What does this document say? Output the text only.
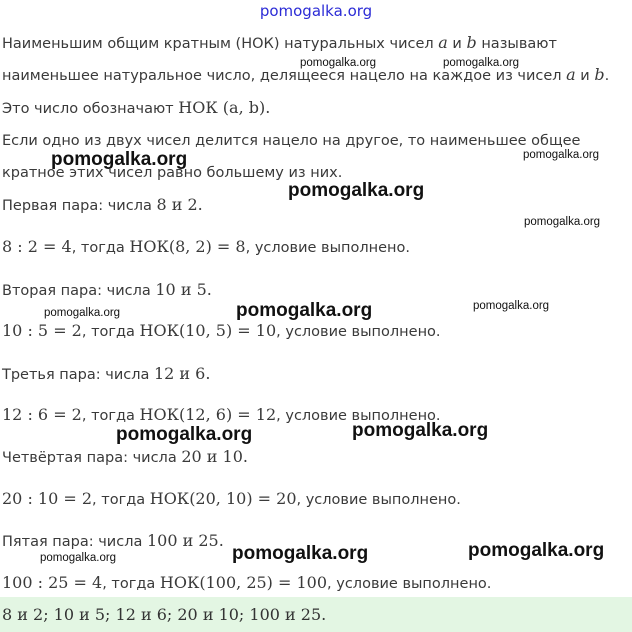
pomogalka.org
Наименьшим общим кратным (НОК) натуральных чисел a и b называют
наименьшее натуральное число, делящееся нацело на каждое из чисел a и b.
Это число обозначают НОК (a, b).
Если одно из двух чисел делится нацело на другое, то наименьшее общее
кратное этих чисел равно большему из них.
Первая пара: числа 8 и 2.
8 : 2 = 4, тогда НОК(8, 2) = 8, условие выполнено.
Вторая пара: числа 10 и 5.
10 : 5 = 2, тогда НОК(10, 5) = 10, условие выполнено.
Третья пара: числа 12 и 6.
12 : 6 = 2, тогда НОК(12, 6) = 12, условие выполнено.
Четвёртая пара: числа 20 и 10.
20 : 10 = 2, тогда НОК(20, 10) = 20, условие выполнено.
Пятая пара: числа 100 и 25.
100 : 25 = 4, тогда НОК(100, 25) = 100, условие выполнено.
8 и 2; 10 и 5; 12 и 6; 20 и 10; 100 и 25.
pomogalka.org	pomogalka.org
pomogalka.org	pomogalka.org
pomogalka.org
pomogalka.org
pomogalka.org	pomogalka.org
pomogalka.org
pomogalka.org	pomogalka.org
pomogalka.org	pomogalka.org
pomogalka.org
